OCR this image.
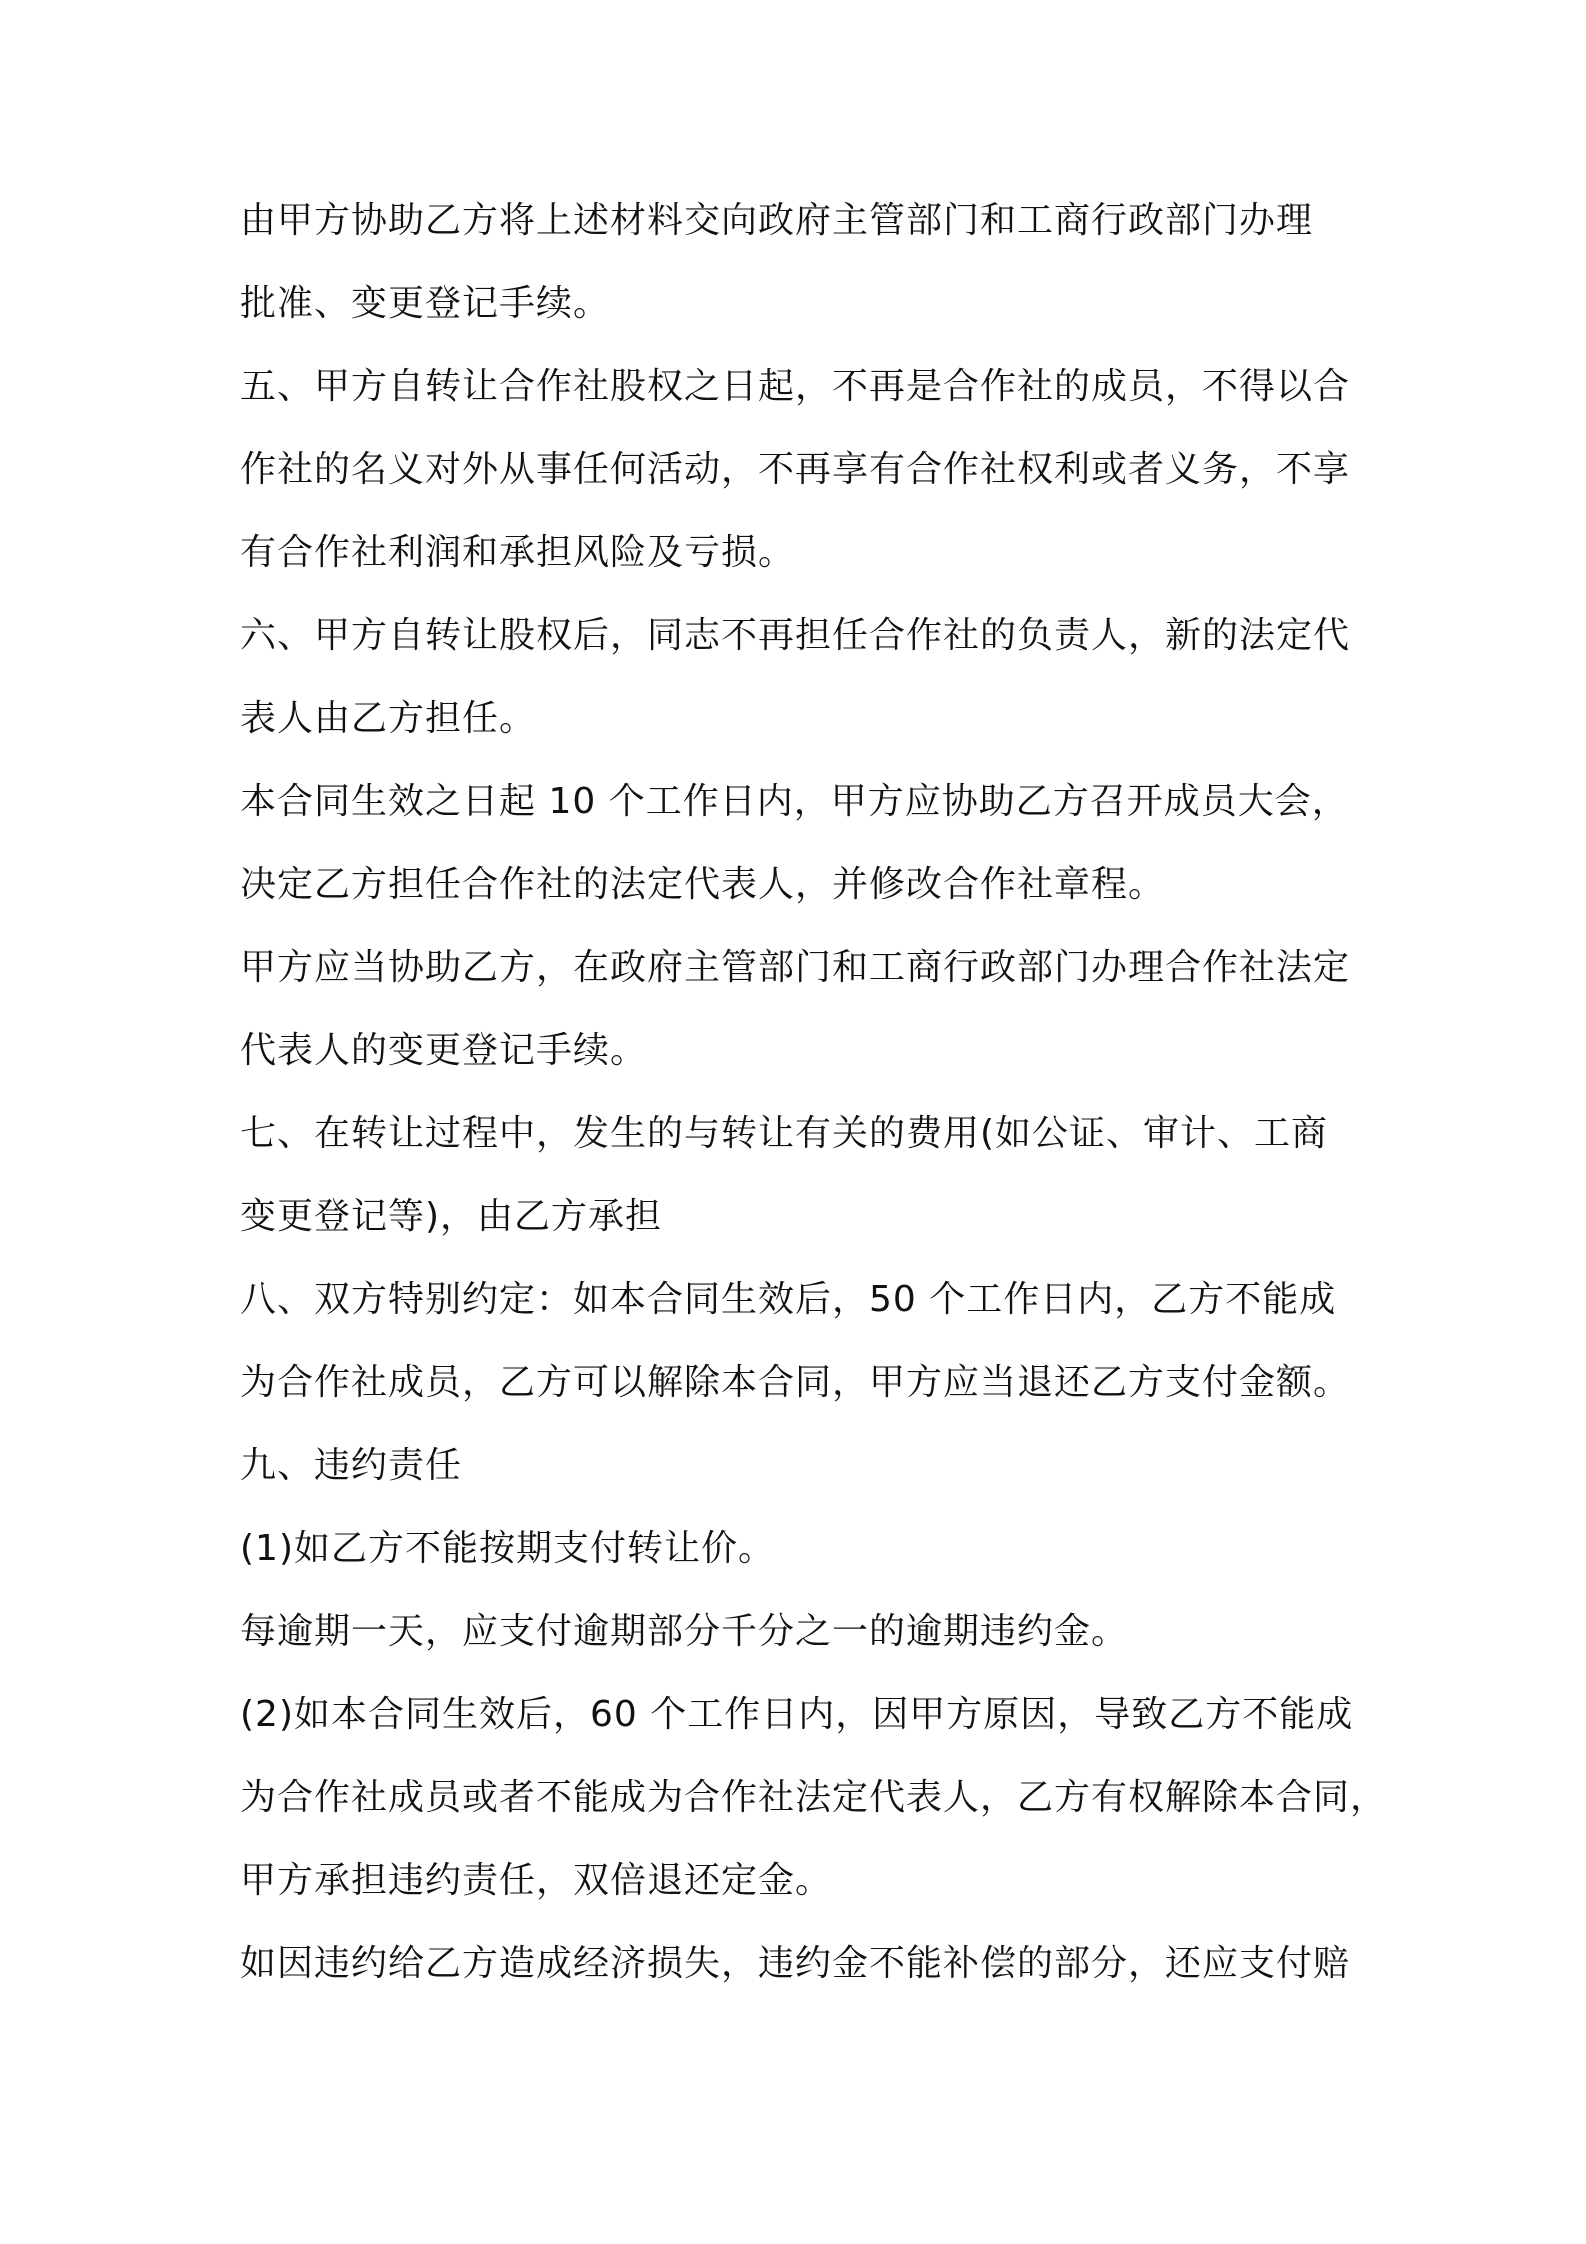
由甲方协助乙方将上述材料交向政府主管部门和工商行政部门办理
批准、变更登记手续。
五、甲方自转让合作社股权之日起，不再是合作社的成员，不得以合
作社的名义对外从事任何活动，不再享有合作社权利或者义务，不享
有合作社利润和承担风险及亏损。
六、甲方自转让股权后，同志不再担任合作社的负责人，新的法定代
表人由乙方担任。
本合同生效之日起 10 个工作日内，甲方应协助乙方召开成员大会，
决定乙方担任合作社的法定代表人，并修改合作社章程。
甲方应当协助乙方，在政府主管部门和工商行政部门办理合作社法定
代表人的变更登记手续。
七、在转让过程中，发生的与转让有关的费用(如公证、审计、工商
变更登记等)，由乙方承担
八、双方特别约定：如本合同生效后，50 个工作日内，乙方不能成
为合作社成员，乙方可以解除本合同，甲方应当退还乙方支付金额。
九、违约责任
(1)如乙方不能按期支付转让价。
每逾期一天，应支付逾期部分千分之一的逾期违约金。
(2)如本合同生效后，60 个工作日内，因甲方原因，导致乙方不能成
为合作社成员或者不能成为合作社法定代表人，乙方有权解除本合同，
甲方承担违约责任，双倍退还定金。
如因违约给乙方造成经济损失，违约金不能补偿的部分，还应支付赔
